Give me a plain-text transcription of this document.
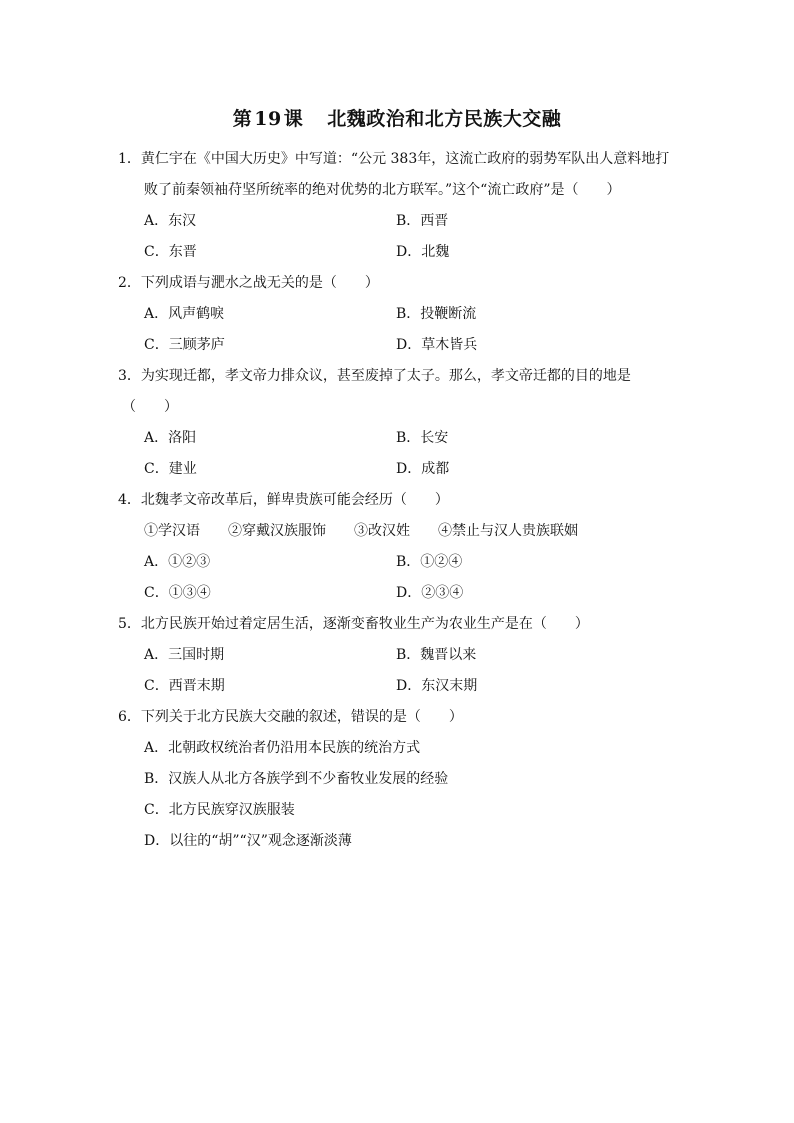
第 19 课 北魏政治和北方民族大交融
1．黄仁宇在《中国大历史》中写道：“公元 383年，这流亡政府的弱势军队出人意料地打
败了前秦领袖苻坚所统率的绝对优势的北方联军。”这个“流亡政府”是（　　）
A．东汉	B．西晋
C．东晋	D．北魏
2．下列成语与淝水之战无关的是（　　）
A．风声鹤唳	B．投鞭断流
C．三顾茅庐	D．草木皆兵
3．为实现迁都，孝文帝力排众议，甚至废掉了太子。那么，孝文帝迁都的目的地是
（　　）
A．洛阳	B．长安
C．建业	D．成都
4．北魏孝文帝改革后，鲜卑贵族可能会经历（　　）
①学汉语 ②穿戴汉族服饰 ③改汉姓 ④禁止与汉人贵族联姻
A．①②③	B．①②④
C．①③④	D．②③④
5．北方民族开始过着定居生活，逐渐变畜牧业生产为农业生产是在（　　）
A．三国时期	B．魏晋以来
C．西晋末期	D．东汉末期
6．下列关于北方民族大交融的叙述，错误的是（　　）
A．北朝政权统治者仍沿用本民族的统治方式
B．汉族人从北方各族学到不少畜牧业发展的经验
C．北方民族穿汉族服装
D．以往的“胡”“汉”观念逐渐淡薄
